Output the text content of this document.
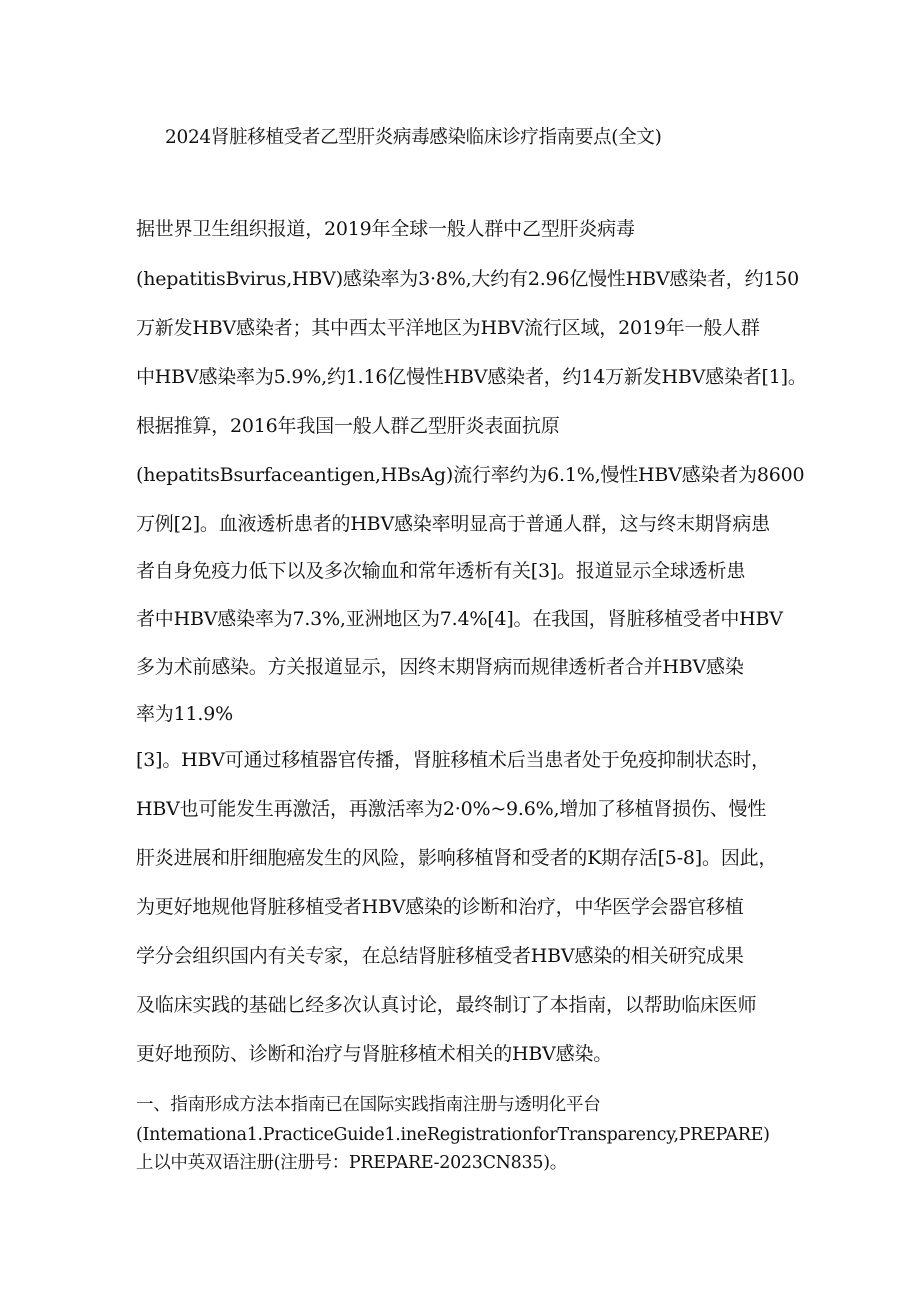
2024肾脏移植受者乙型肝炎病毒感染临床诊疗指南要点(全文)
据世界卫生组织报道，2019年全球一般人群中乙型肝炎病毒
(hepatitisBvirus,HBV)感染率为3·8%,大约有2.96亿慢性HBV感染者，约150
万新发HBV感染者；其中西太平洋地区为HBV流行区域，2019年一般人群
中HBV感染率为5.9%,约1.16亿慢性HBV感染者，约14万新发HBV感染者[1]。
根据推算，2016年我国一般人群乙型肝炎表面抗原
(hepatitsBsurfaceantigen,HBsAg)流行率约为6.1%,慢性HBV感染者为8600
万例[2]。血液透析患者的HBV感染率明显高于普通人群，这与终末期肾病患
者自身免疫力低下以及多次输血和常年透析有关[3]。报道显示全球透析患
者中HBV感染率为7.3%,亚洲地区为7.4%[4]。在我国，肾脏移植受者中HBV
多为术前感染。方关报道显示，因终末期肾病而规律透析者合并HBV感染
率为11.9%
[3]。HBV可通过移植器官传播，肾脏移植术后当患者处于免疫抑制状态时，
HBV也可能发生再激活，再激活率为2·0%~9.6%,增加了移植肾损伤、慢性
肝炎进展和肝细胞癌发生的风险，影响移植肾和受者的K期存活[5-8]。因此，
为更好地规他肾脏移植受者HBV感染的诊断和治疗，中华医学会器官移植
学分会组织国内有关专家，在总结肾脏移植受者HBV感染的相关研究成果
及临床实践的基础匕经多次认真讨论，最终制订了本指南，以帮助临床医师
更好地预防、诊断和治疗与肾脏移植术相关的HBV感染。
一、指南形成方法本指南已在国际实践指南注册与透明化平台
(Intemationa1.PracticeGuide1.ineRegistrationforTransparency,PREPARE)
上以中英双语注册(注册号：PREPARE-2023CN835)。
